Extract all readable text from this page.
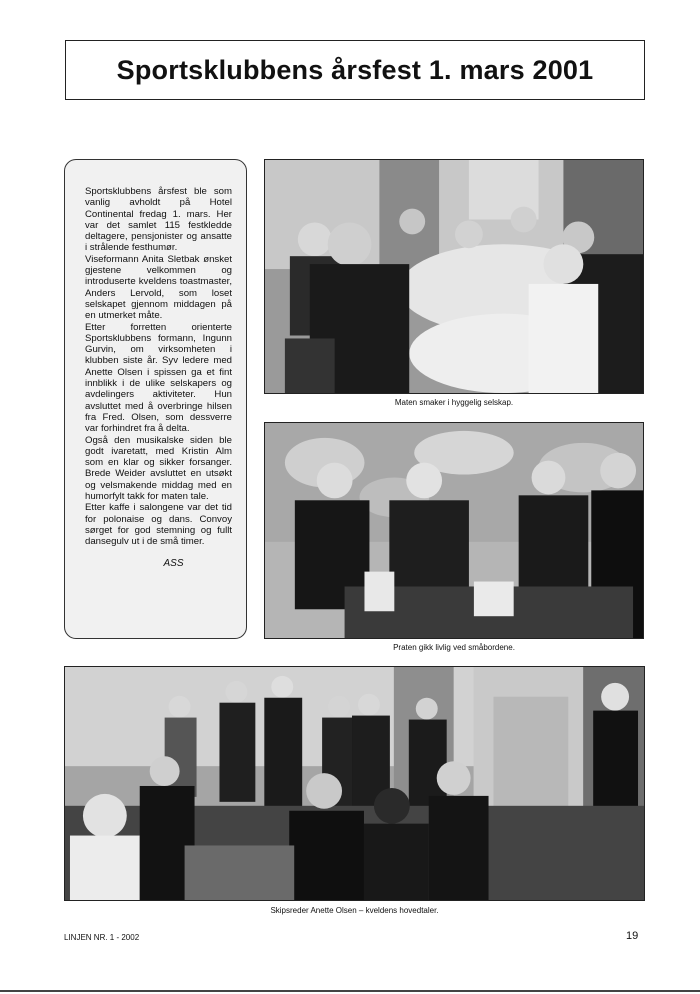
Sportsklubbens årsfest 1. mars 2001

Sportsklubbens årsfest ble som vanlig avholdt på Hotel Continental fredag 1. mars. Her var det samlet 115 festkledde deltagere, pensjonister og ansatte i strålende festhumør.
Viseformann Anita Sletbak ønsket gjestene velkommen og introduserte kveldens toastmaster, Anders Lervold, som loset selskapet gjennom middagen på en utmerket måte.
Etter forretten orienterte Sportsklubbens formann, Ingunn Gurvin, om virksomheten i klubben siste år. Syv ledere med Anette Olsen i spissen ga et fint innblikk i de ulike selskapers og avdelingers aktiviteter. Hun avsluttet med å overbringe hilsen fra Fred. Olsen, som dessverre var forhindret fra å delta.
Også den musikalske siden ble godt ivaretatt, med Kristin Alm som en klar og sikker forsanger. Brede Weider avsluttet en utsøkt og velsmakende middag med en humorfylt takk for maten tale.
Etter kaffe i salongene var det tid for polonaise og dans. Convoy sørget for god stemning og fullt dansegulv ut i de små timer.

ASS

Maten smaker i hyggelig selskap.

Praten gikk livlig ved småbordene.

Skipsreder Anette Olsen – kveldens hovedtaler.

LINJEN NR. 1 - 2002	19
